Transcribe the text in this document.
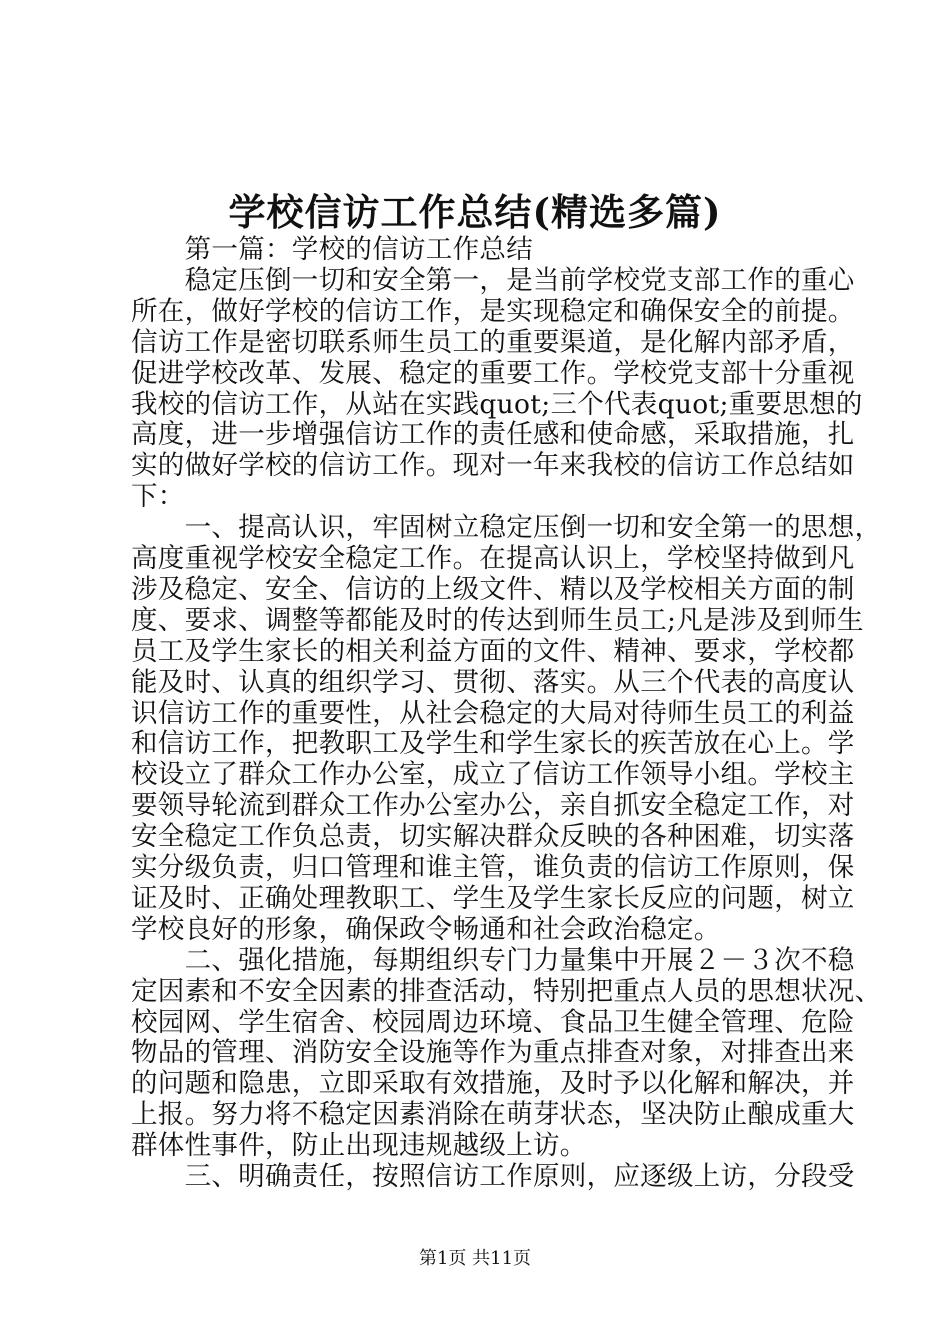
学校信访工作总结(精选多篇)
　　第一篇：学校的信访工作总结
　　稳定压倒一切和安全第一，是当前学校党支部工作的重心
所在，做好学校的信访工作，是实现稳定和确保安全的前提。
信访工作是密切联系师生员工的重要渠道，是化解内部矛盾，
促进学校改革、发展、稳定的重要工作。学校党支部十分重视
我校的信访工作，从站在实践quot;三个代表quot;重要思想的
高度，进一步增强信访工作的责任感和使命感，采取措施，扎
实的做好学校的信访工作。现对一年来我校的信访工作总结如
下：
　　一、提高认识，牢固树立稳定压倒一切和安全第一的思想，
高度重视学校安全稳定工作。在提高认识上，学校坚持做到凡
涉及稳定、安全、信访的上级文件、精以及学校相关方面的制
度、要求、调整等都能及时的传达到师生员工;凡是涉及到师生
员工及学生家长的相关利益方面的文件、精神、要求，学校都
能及时、认真的组织学习、贯彻、落实。从三个代表的高度认
识信访工作的重要性，从社会稳定的大局对待师生员工的利益
和信访工作，把教职工及学生和学生家长的疾苦放在心上。学
校设立了群众工作办公室，成立了信访工作领导小组。学校主
要领导轮流到群众工作办公室办公，亲自抓安全稳定工作，对
安全稳定工作负总责，切实解决群众反映的各种困难，切实落
实分级负责，归口管理和谁主管，谁负责的信访工作原则，保
证及时、正确处理教职工、学生及学生家长反应的问题，树立
学校良好的形象，确保政令畅通和社会政治稳定。
　　二、强化措施，每期组织专门力量集中开展２－３次不稳
定因素和不安全因素的排查活动，特别把重点人员的思想状况、
校园网、学生宿舍、校园周边环境、食品卫生健全管理、危险
物品的管理、消防安全设施等作为重点排查对象，对排查出来
的问题和隐患，立即采取有效措施，及时予以化解和解决，并
上报。努力将不稳定因素消除在萌芽状态，坚决防止酿成重大
群体性事件，防止出现违规越级上访。
　　三、明确责任，按照信访工作原则，应逐级上访，分段受
第1页 共11页
